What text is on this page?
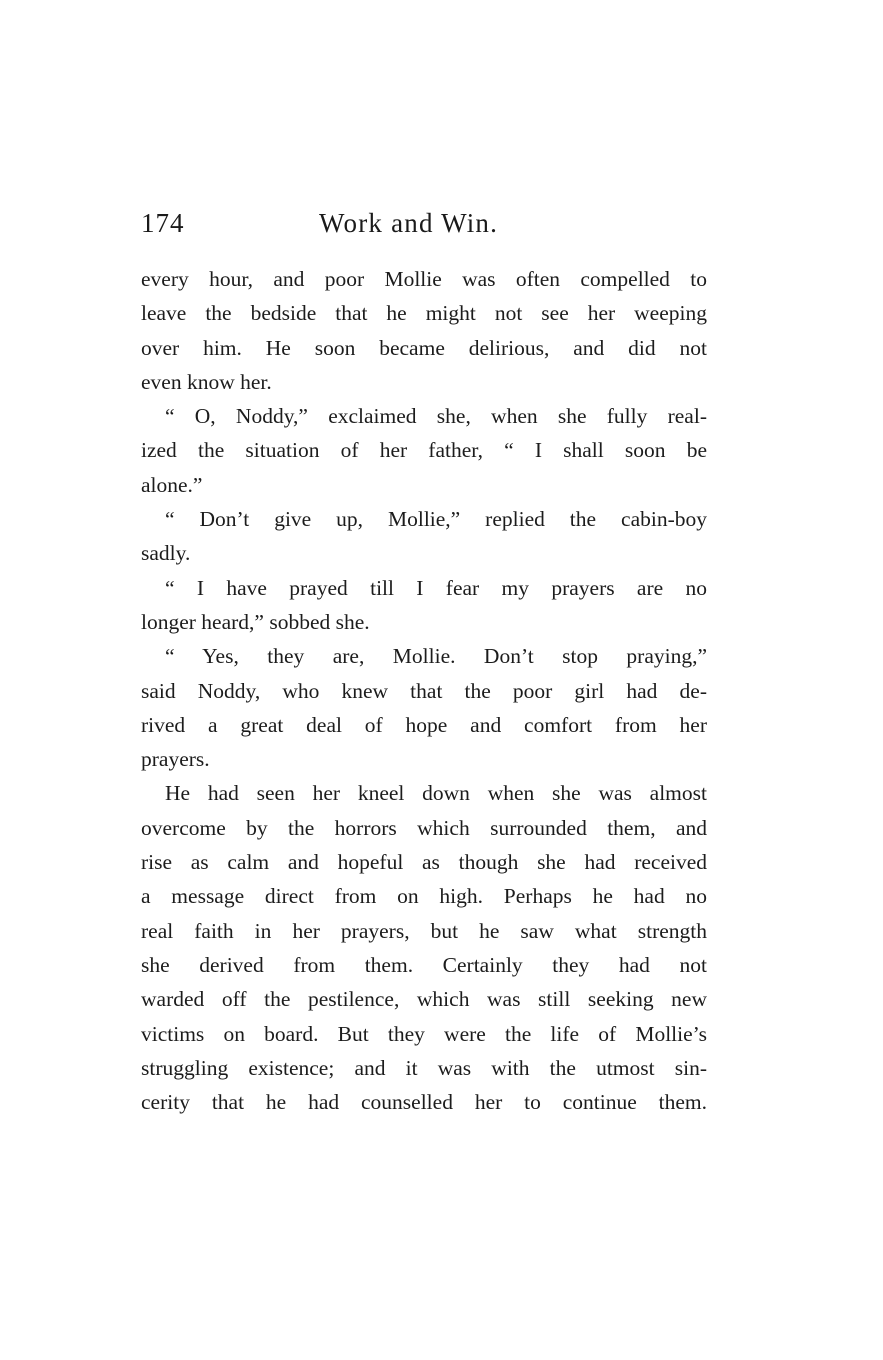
174	Work and Win.
every hour, and poor Mollie was often compelled to
leave the bedside that he might not see her weeping
over him. He soon became delirious, and did not
even know her.
“ O, Noddy,” exclaimed she, when she fully real-
ized the situation of her father, “ I shall soon be
alone.”
“ Don’t give up, Mollie,” replied the cabin-boy
sadly.
“ I have prayed till I fear my prayers are no
longer heard,” sobbed she.
“ Yes, they are, Mollie. Don’t stop praying,”
said Noddy, who knew that the poor girl had de-
rived a great deal of hope and comfort from her
prayers.
He had seen her kneel down when she was almost
overcome by the horrors which surrounded them, and
rise as calm and hopeful as though she had received
a message direct from on high. Perhaps he had no
real faith in her prayers, but he saw what strength
she derived from them. Certainly they had not
warded off the pestilence, which was still seeking new
victims on board. But they were the life of Mollie’s
struggling existence; and it was with the utmost sin-
cerity that he had counselled her to continue them.
